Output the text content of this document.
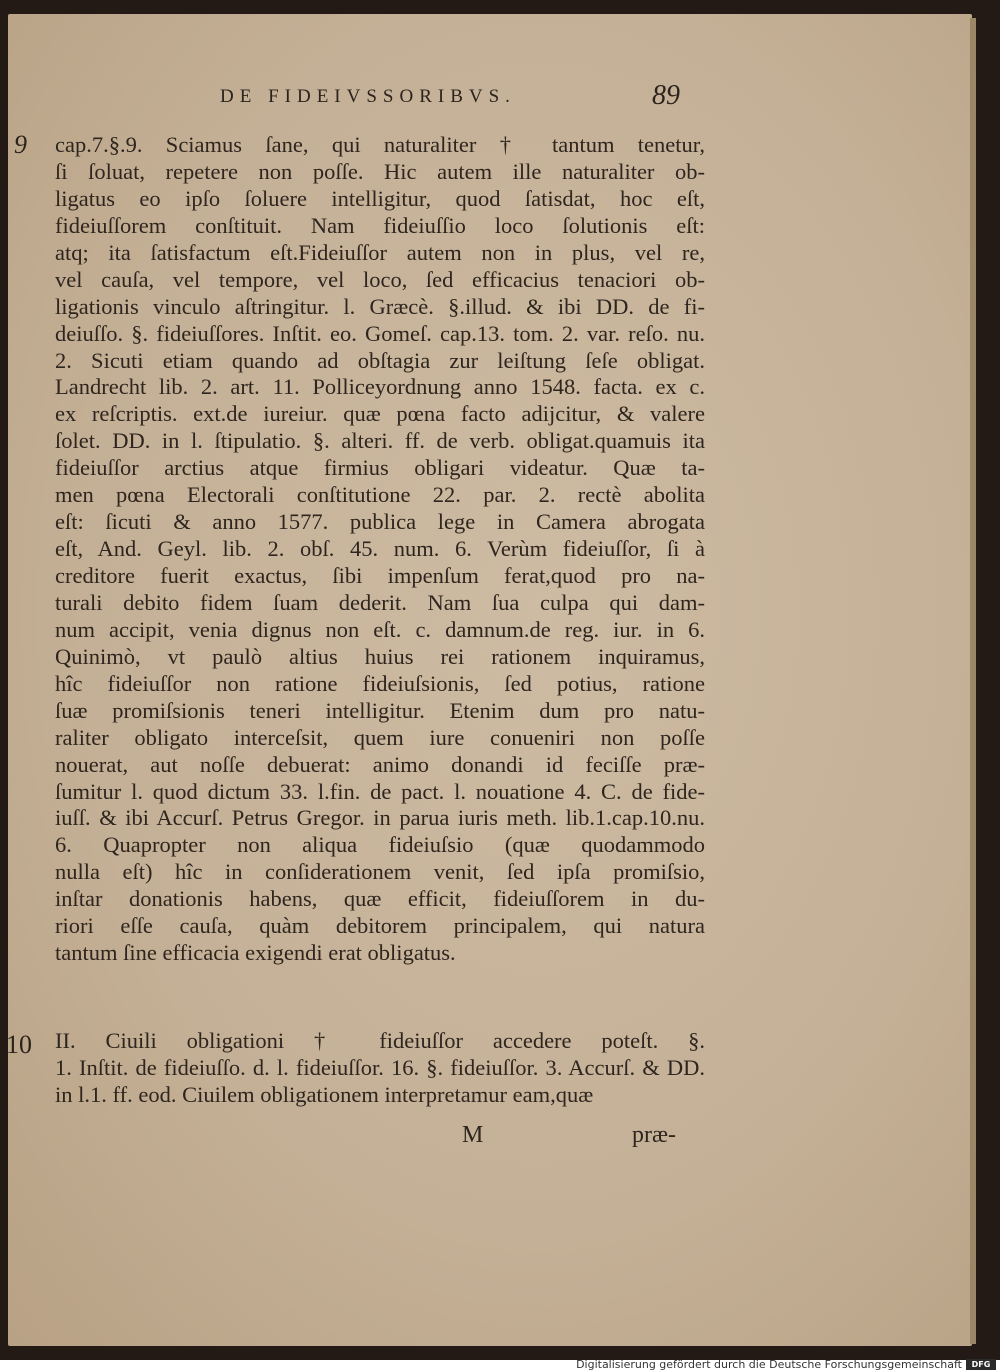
DE FIDEIVSSORIBVS.	89
9
10
cap.7.§.9. Sciamus ſane, qui naturaliter † tantum tenetur,
ſi ſoluat, repetere non poſſe. Hic autem ille naturaliter ob-
ligatus eo ipſo ſoluere intelligitur, quod ſatisdat, hoc eſt,
fideiuſſorem conſtituit. Nam fideiuſſio loco ſolutionis eſt:
atq; ita ſatisfactum eſt.Fideiuſſor autem non in plus, vel re,
vel cauſa, vel tempore, vel loco, ſed efficacius tenaciori ob-
ligationis vinculo aſtringitur. l. Græcè. §.illud. & ibi DD. de fi-
deiuſſo. §. fideiuſſores. Inſtit. eo. Gomeſ. cap.13. tom. 2. var. reſo. nu.
2. Sicuti etiam quando ad obſtagia zur leiſtung ſeſe obligat.
Landrecht lib. 2. art. 11. Polliceyordnung anno 1548. facta. ex c.
ex reſcriptis. ext.de iureiur. quæ pœna facto adijcitur, & valere
ſolet. DD. in l. ſtipulatio. §. alteri. ff. de verb. obligat.quamuis ita
fideiuſſor arctius atque firmius obligari videatur. Quæ ta-
men pœna Electorali conſtitutione 22. par. 2. rectè abolita
eſt: ſicuti & anno 1577. publica lege in Camera abrogata
eſt, And. Geyl. lib. 2. obſ. 45. num. 6. Verùm fideiuſſor, ſi à
creditore fuerit exactus, ſibi impenſum ferat,quod pro na-
turali debito fidem ſuam dederit. Nam ſua culpa qui dam-
num accipit, venia dignus non eſt. c. damnum.de reg. iur. in 6.
Quinimò, vt paulò altius huius rei rationem inquiramus,
hîc fideiuſſor non ratione fideiuſsionis, ſed potius, ratione
ſuæ promiſsionis teneri intelligitur. Etenim dum pro natu-
raliter obligato interceſsit, quem iure conueniri non poſſe
nouerat, aut noſſe debuerat: animo donandi id feciſſe præ-
ſumitur l. quod dictum 33. l.fin. de pact. l. nouatione 4. C. de fide-
iuſſ. & ibi Accurſ. Petrus Gregor. in parua iuris meth. lib.1.cap.10.nu.
6. Quapropter non aliqua fideiuſsio (quæ quodammodo
nulla eſt) hîc in conſiderationem venit, ſed ipſa promiſsio,
inſtar donationis habens, quæ efficit, fideiuſſorem in du-
riori eſſe cauſa, quàm debitorem principalem, qui natura
tantum ſine efficacia exigendi erat obligatus.
II. Ciuili obligationi † fideiuſſor accedere poteſt. §.
1. Inſtit. de fideiuſſo. d. l. fideiuſſor. 16. §. fideiuſſor. 3. Accurſ. & DD.
in l.1. ff. eod. Ciuilem obligationem interpretamur eam,quæ
M	præ-
Digitalisierung gefördert durch die Deutsche Forschungsgemeinschaft	DFG
